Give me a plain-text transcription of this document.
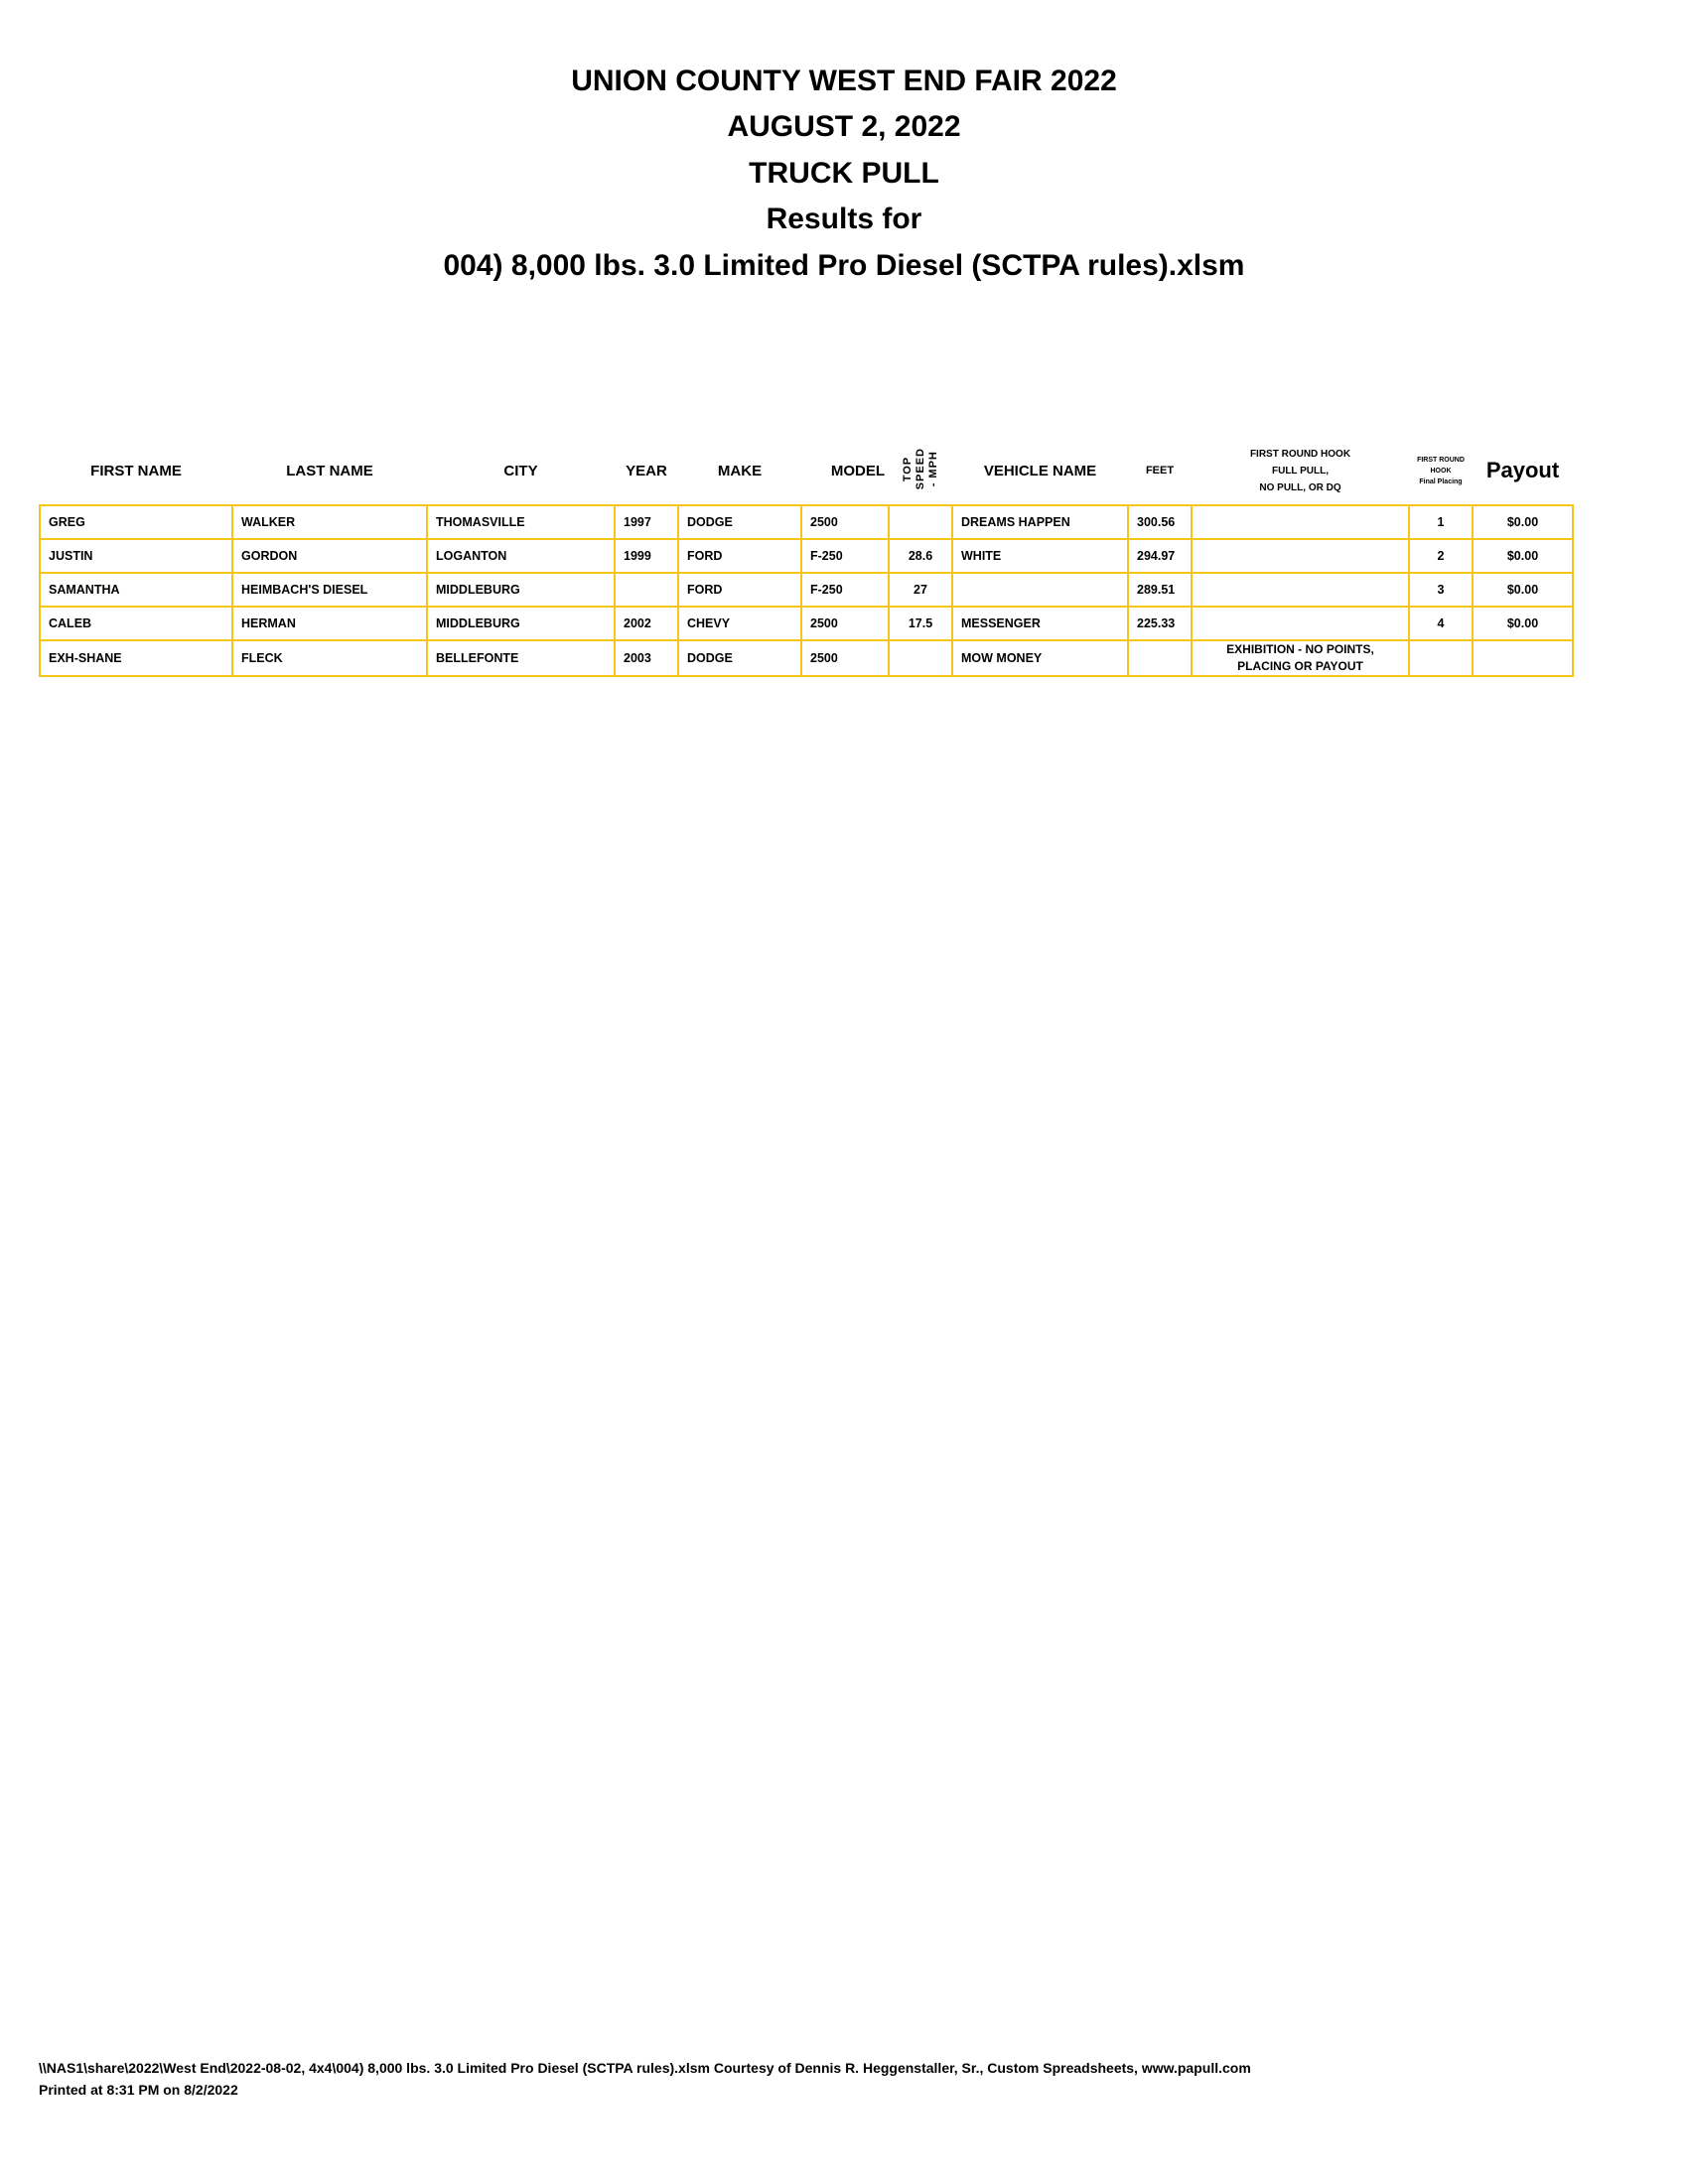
UNION COUNTY WEST END FAIR 2022
AUGUST 2, 2022
TRUCK PULL
Results for
004) 8,000 lbs. 3.0 Limited Pro Diesel (SCTPA rules).xlsm
FIRST NAME	LAST NAME	CITY	YEAR	MAKE	MODEL	TOP
SPEED
- MPH	VEHICLE NAME	FEET	FIRST ROUND HOOK
FULL PULL,
NO PULL, OR DQ	FIRST ROUND
HOOK
Final Placing	Payout
GREG	WALKER	THOMASVILLE	1997	DODGE	2500		DREAMS HAPPEN	300.56		1	$0.00
JUSTIN	GORDON	LOGANTON	1999	FORD	F-250	28.6	WHITE	294.97		2	$0.00
SAMANTHA	HEIMBACH'S DIESEL	MIDDLEBURG		FORD	F-250	27		289.51		3	$0.00
CALEB	HERMAN	MIDDLEBURG	2002	CHEVY	2500	17.5	MESSENGER	225.33		4	$0.00
EXH-SHANE	FLECK	BELLEFONTE	2003	DODGE	2500		MOW MONEY		EXHIBITION - NO POINTS, PLACING OR PAYOUT		
\\NAS1\share\2022\West End\2022-08-02, 4x4\004) 8,000 lbs. 3.0 Limited Pro Diesel (SCTPA rules).xlsm Courtesy of Dennis R. Heggenstaller, Sr., Custom Spreadsheets, www.papull.com
Printed at 8:31 PM on 8/2/2022
